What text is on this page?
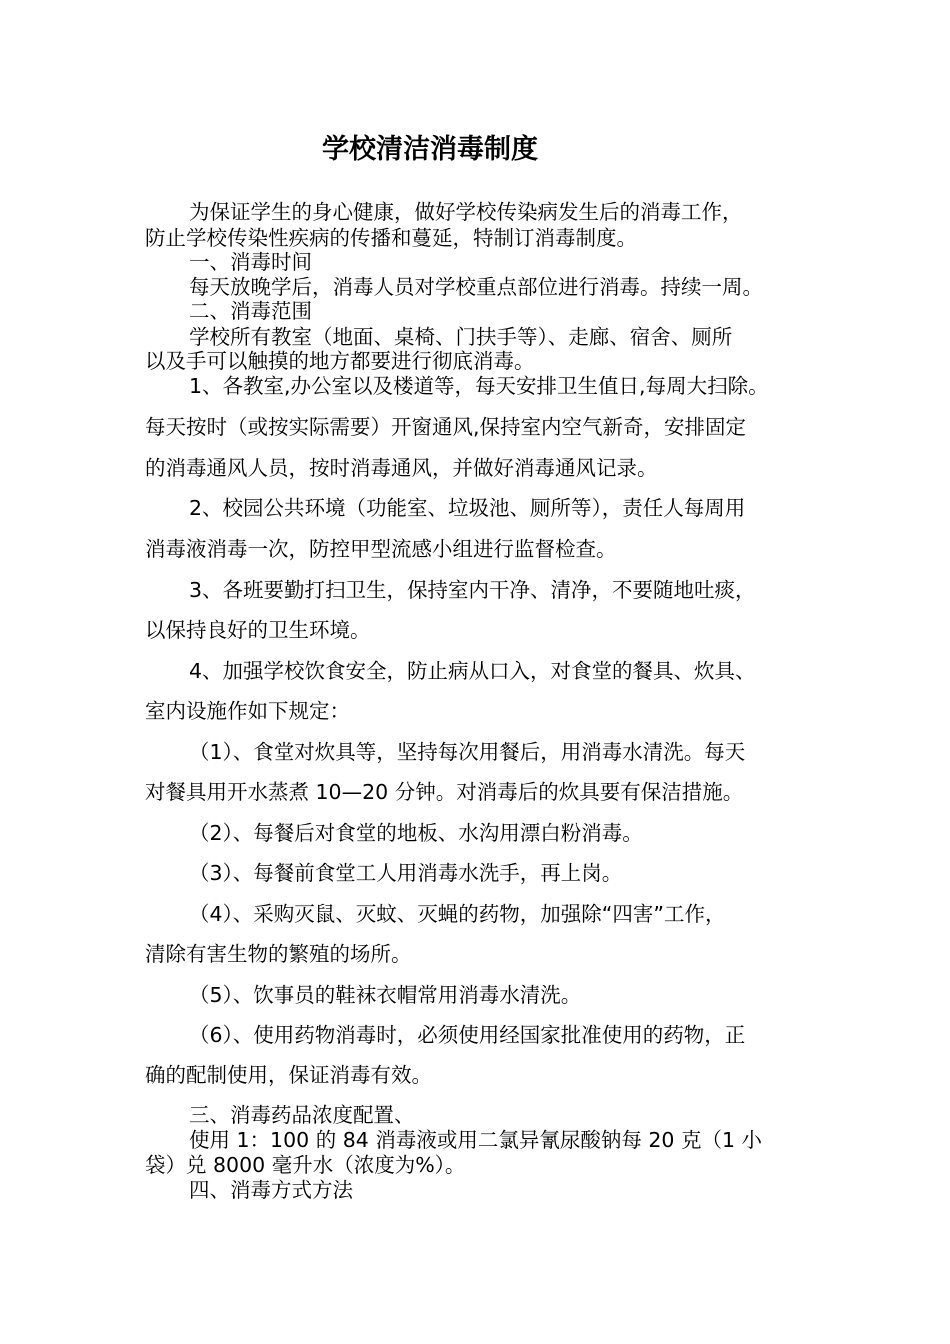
学校清洁消毒制度
为保证学生的身心健康，做好学校传染病发生后的消毒工作，
防止学校传染性疾病的传播和蔓延，特制订消毒制度。
一、消毒时间
每天放晚学后，消毒人员对学校重点部位进行消毒。持续一周。
二、消毒范围
学校所有教室（地面、桌椅、门扶手等）、走廊、宿舍、厕所
以及手可以触摸的地方都要进行彻底消毒。
1、各教室,办公室以及楼道等，每天安排卫生值日,每周大扫除。
每天按时（或按实际需要）开窗通风,保持室内空气新奇，安排固定
的消毒通风人员，按时消毒通风，并做好消毒通风记录。
2、校园公共环境（功能室、垃圾池、厕所等），责任人每周用
消毒液消毒一次，防控甲型流感小组进行监督检查。
3、各班要勤打扫卫生，保持室内干净、清净，不要随地吐痰，
以保持良好的卫生环境。
4、加强学校饮食安全，防止病从口入，对食堂的餐具、炊具、
室内设施作如下规定：
（1）、食堂对炊具等，坚持每次用餐后，用消毒水清洗。每天
对餐具用开水蒸煮 10—20 分钟。对消毒后的炊具要有保洁措施。
（2）、每餐后对食堂的地板、水沟用漂白粉消毒。
（3）、每餐前食堂工人用消毒水洗手，再上岗。
（4）、采购灭鼠、灭蚊、灭蝇的药物，加强除“四害”工作，
清除有害生物的繁殖的场所。
（5）、饮事员的鞋袜衣帽常用消毒水清洗。
（6）、使用药物消毒时，必须使用经国家批准使用的药物，正
确的配制使用，保证消毒有效。
三、消毒药品浓度配置、
使用 1：100 的 84 消毒液或用二氯异氰尿酸钠每 20 克（1 小
袋）兑 8000 毫升水（浓度为%）。
四、消毒方式方法
